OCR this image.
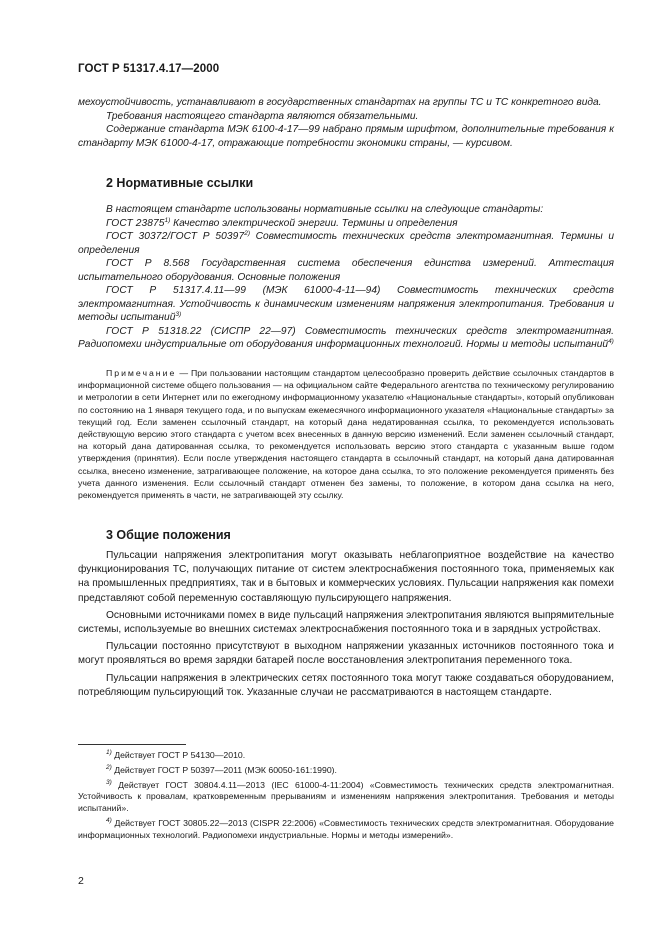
ГОСТ Р 51317.4.17—2000

мехоустойчивость, устанавливают в государственных стандартах на группы ТС и ТС конкретного вида.

Требования настоящего стандарта являются обязательными.

Содержание стандарта МЭК 6100-4-17—99 набрано прямым шрифтом, дополнительные требования к стандарту МЭК 61000-4-17, отражающие потребности экономики страны, — курсивом.

2 Нормативные ссылки

В настоящем стандарте использованы нормативные ссылки на следующие стандарты:

ГОСТ 23875$^{1)}$ Качество электрической энергии. Термины и определения

ГОСТ 30372/ГОСТ Р 50397$^{2)}$ Совместимость технических средств электромагнитная. Термины и определения

ГОСТ Р 8.568 Государственная система обеспечения единства измерений. Аттестация испытательного оборудования. Основные положения

ГОСТ Р 51317.4.11—99 (МЭК 61000-4-11—94) Совместимость технических средств электромагнитная. Устойчивость к динамическим изменениям напряжения электропитания. Требования и методы испытаний$^{3)}$

ГОСТ Р 51318.22 (СИСПР 22—97) Совместимость технических средств электромагнитная. Радиопомехи индустриальные от оборудования информационных технологий. Нормы и методы испытаний$^{4)}$

Примечание — При пользовании настоящим стандартом целесообразно проверить действие ссылочных стандартов в информационной системе общего пользования — на официальном сайте Федерального агентства по техническому регулированию и метрологии в сети Интернет или по ежегодному информационному указателю «Национальные стандарты», который опубликован по состоянию на 1 января текущего года, и по выпускам ежемесячного информационного указателя «Национальные стандарты» за текущий год. Если заменен ссылочный стандарт, на который дана недатированная ссылка, то рекомендуется использовать действующую версию этого стандарта с учетом всех внесенных в данную версию изменений. Если заменен ссылочный стандарт, на который дана датированная ссылка, то рекомендуется использовать версию этого стандарта с указанным выше годом утверждения (принятия). Если после утверждения настоящего стандарта в ссылочный стандарт, на который дана датированная ссылка, внесено изменение, затрагивающее положение, на которое дана ссылка, то это положение рекомендуется применять без учета данного изменения. Если ссылочный стандарт отменен без замены, то положение, в котором дана ссылка на него, рекомендуется применять в части, не затрагивающей эту ссылку.

3 Общие положения

Пульсации напряжения электропитания могут оказывать неблагоприятное воздействие на качество функционирования ТС, получающих питание от систем электроснабжения постоянного тока, применяемых как на промышленных предприятиях, так и в бытовых и коммерческих условиях. Пульсации напряжения как помехи представляют собой переменную составляющую пульсирующего напряжения.

Основными источниками помех в виде пульсаций напряжения электропитания являются выпрямительные системы, используемые во внешних системах электроснабжения постоянного тока и в зарядных устройствах.

Пульсации постоянно присутствуют в выходном напряжении указанных источников постоянного тока и могут проявляться во время зарядки батарей после восстановления электропитания переменного тока.

Пульсации напряжения в электрических сетях постоянного тока могут также создаваться оборудованием, потребляющим пульсирующий ток. Указанные случаи не рассматриваются в настоящем стандарте.

$^{1)}$ Действует ГОСТ Р 54130—2010.

$^{2)}$ Действует ГОСТ Р 50397—2011 (МЭК 60050-161:1990).

$^{3)}$ Действует ГОСТ 30804.4.11—2013 (IEC 61000-4-11:2004) «Совместимость технических средств электромагнитная. Устойчивость к провалам, кратковременным прерываниям и изменениям напряжения электропитания. Требования и методы испытаний».

$^{4)}$ Действует ГОСТ 30805.22—2013 (CISPR 22:2006) «Совместимость технических средств электромагнитная. Оборудование информационных технологий. Радиопомехи индустриальные. Нормы и методы измерений».

2
